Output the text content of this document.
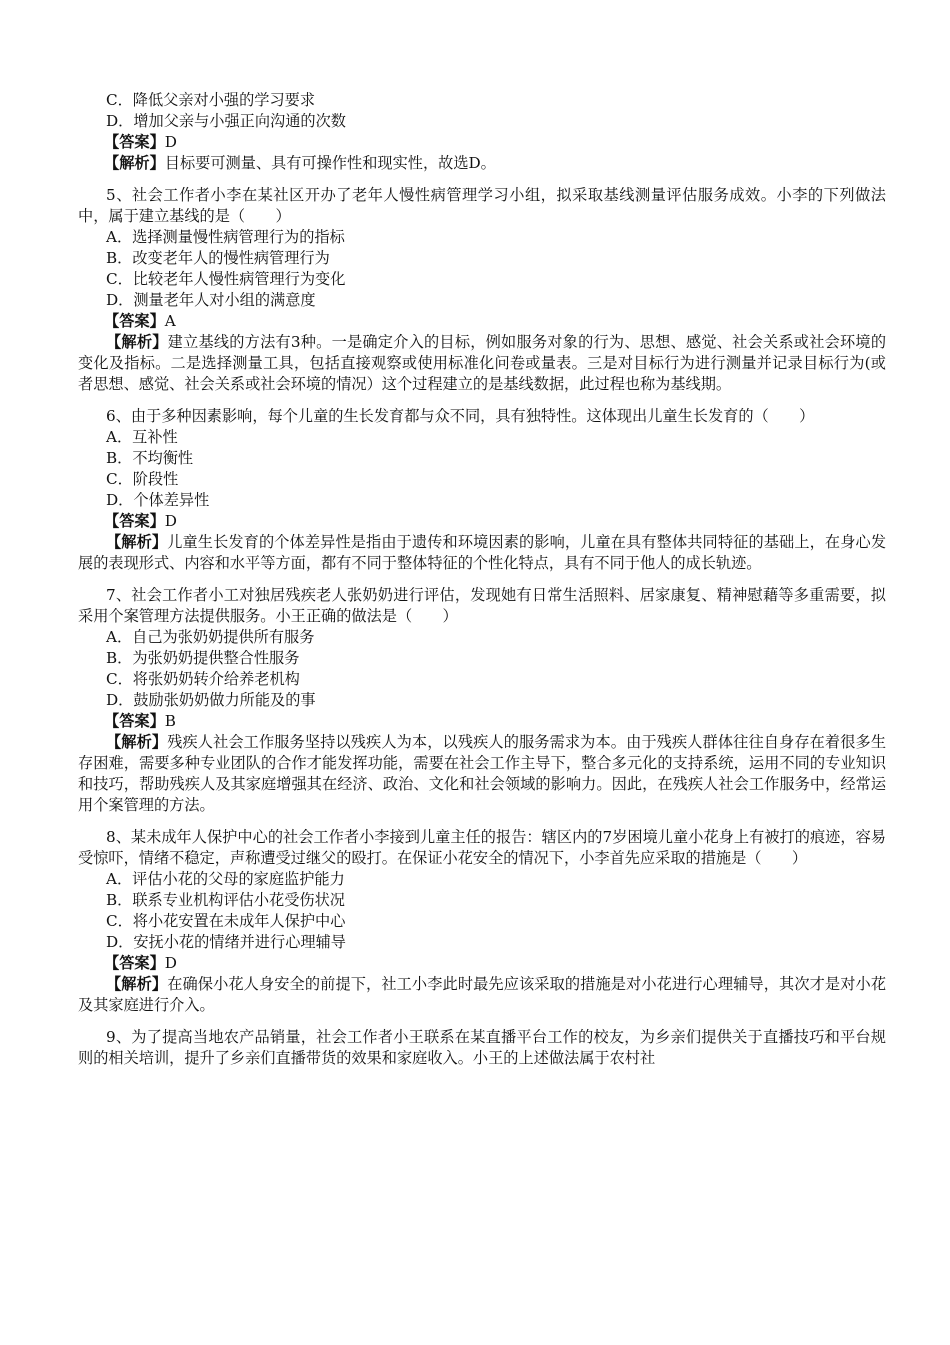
C．降低父亲对小强的学习要求
D．增加父亲与小强正向沟通的次数
【答案】D
【解析】目标要可测量、具有可操作性和现实性，故选D。
5、社会工作者小李在某社区开办了老年人慢性病管理学习小组，拟采取基线测量评估服务成效。小李的下列做法中，属于建立基线的是（　　）
A．选择测量慢性病管理行为的指标
B．改变老年人的慢性病管理行为
C．比较老年人慢性病管理行为变化
D．测量老年人对小组的满意度
【答案】A
【解析】建立基线的方法有3种。一是确定介入的目标，例如服务对象的行为、思想、感觉、社会关系或社会环境的变化及指标。二是选择测量工具，包括直接观察或使用标准化问卷或量表。三是对目标行为进行测量并记录目标行为(或者思想、感觉、社会关系或社会环境的情况）这个过程建立的是基线数据，此过程也称为基线期。
6、由于多种因素影响，每个儿童的生长发育都与众不同，具有独特性。这体现出儿童生长发育的（　　）
A．互补性
B．不均衡性
C．阶段性
D．个体差异性
【答案】D
【解析】儿童生长发育的个体差异性是指由于遗传和环境因素的影响，儿童在具有整体共同特征的基础上，在身心发展的表现形式、内容和水平等方面，都有不同于整体特征的个性化特点，具有不同于他人的成长轨迹。
7、社会工作者小工对独居残疾老人张奶奶进行评估，发现她有日常生活照料、居家康复、精神慰藉等多重需要，拟采用个案管理方法提供服务。小王正确的做法是（　　）
A．自己为张奶奶提供所有服务
B．为张奶奶提供整合性服务
C．将张奶奶转介给养老机构
D．鼓励张奶奶做力所能及的事
【答案】B
【解析】残疾人社会工作服务坚持以残疾人为本，以残疾人的服务需求为本。由于残疾人群体往往自身存在着很多生存困难，需要多种专业团队的合作才能发挥功能，需要在社会工作主导下，整合多元化的支持系统，运用不同的专业知识和技巧，帮助残疾人及其家庭增强其在经济、政治、文化和社会领域的影响力。因此，在残疾人社会工作服务中，经常运用个案管理的方法。
8、某未成年人保护中心的社会工作者小李接到儿童主任的报告：辖区内的7岁困境儿童小花身上有被打的痕迹，容易受惊吓，情绪不稳定，声称遭受过继父的殴打。在保证小花安全的情况下，小李首先应采取的措施是（　　）
A．评估小花的父母的家庭监护能力
B．联系专业机构评估小花受伤状况
C．将小花安置在未成年人保护中心
D．安抚小花的情绪并进行心理辅导
【答案】D
【解析】在确保小花人身安全的前提下，社工小李此时最先应该采取的措施是对小花进行心理辅导，其次才是对小花及其家庭进行介入。
9、为了提高当地农产品销量，社会工作者小王联系在某直播平台工作的校友，为乡亲们提供关于直播技巧和平台规则的相关培训，提升了乡亲们直播带货的效果和家庭收入。小王的上述做法属于农村社
